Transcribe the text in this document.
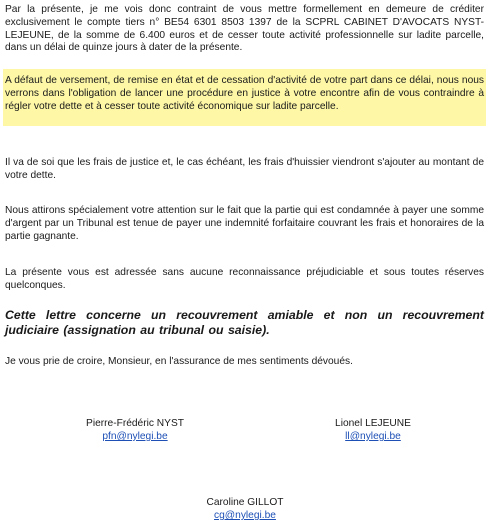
Par la présente, je me vois donc contraint de vous mettre formellement en demeure de créditer exclusivement le compte tiers n° BE54 6301 8503 1397 de la SCPRL CABINET D'AVOCATS NYST-LEJEUNE, de la somme de 6.400 euros et de cesser toute activité professionnelle sur ladite parcelle, dans un délai de quinze jours à dater de la présente.
A défaut de versement, de remise en état et de cessation d'activité de votre part dans ce délai, nous nous verrons dans l'obligation de lancer une procédure en justice à votre encontre afin de vous contraindre à régler votre dette et à cesser toute activité économique sur ladite parcelle.
Il va de soi que les frais de justice et, le cas échéant, les frais d'huissier viendront s'ajouter au montant de votre dette.
Nous attirons spécialement votre attention sur le fait que la partie qui est condamnée à payer une somme d'argent par un Tribunal est tenue de payer une indemnité forfaitaire couvrant les frais et honoraires de la partie gagnante.
La présente vous est adressée sans aucune reconnaissance préjudiciable et sous toutes réserves quelconques.
Cette lettre concerne un recouvrement amiable et non un recouvrement judiciaire (assignation au tribunal ou saisie).
Je vous prie de croire, Monsieur, en l'assurance de mes sentiments dévoués.
Pierre-Frédéric NYST
pfn@nylegi.be
Lionel LEJEUNE
ll@nylegi.be
Caroline GILLOT
cg@nylegi.be
